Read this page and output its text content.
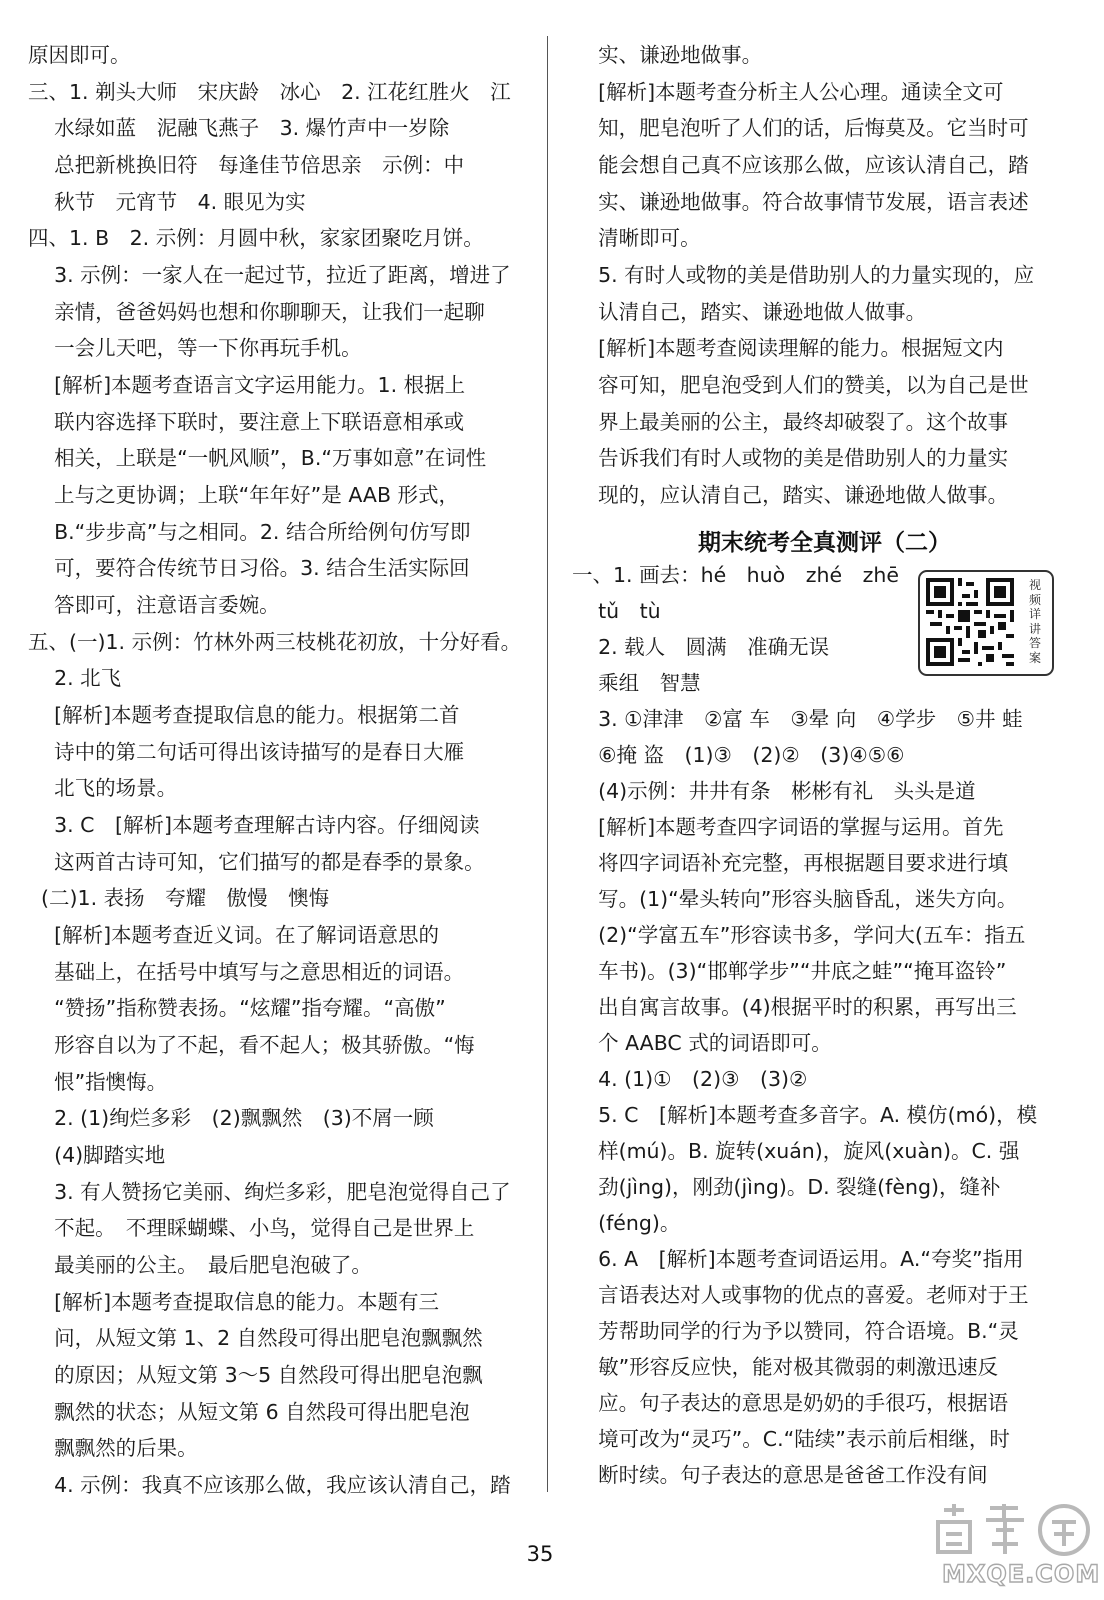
原因即可。
三、1. 剃头大师　宋庆龄　冰心　2. 江花红胜火　江
水绿如蓝　泥融飞燕子　3. 爆竹声中一岁除
总把新桃换旧符　每逢佳节倍思亲　示例：中
秋节　元宵节　4. 眼见为实
四、1. B　2. 示例：月圆中秋，家家团聚吃月饼。
3. 示例：一家人在一起过节，拉近了距离，增进了
亲情，爸爸妈妈也想和你聊聊天，让我们一起聊
一会儿天吧，等一下你再玩手机。
[解析]本题考查语言文字运用能力。1. 根据上
联内容选择下联时，要注意上下联语意相承或
相关，上联是“一帆风顺”，B.“万事如意”在词性
上与之更协调；上联“年年好”是 AAB 形式，
B.“步步高”与之相同。2. 结合所给例句仿写即
可，要符合传统节日习俗。3. 结合生活实际回
答即可，注意语言委婉。
五、(一)1. 示例：竹林外两三枝桃花初放，十分好看。
2. 北飞
[解析]本题考查提取信息的能力。根据第二首
诗中的第二句话可得出该诗描写的是春日大雁
北飞的场景。
3. C　[解析]本题考查理解古诗内容。仔细阅读
这两首古诗可知，它们描写的都是春季的景象。
(二)1. 表扬　夸耀　傲慢　懊悔
[解析]本题考查近义词。在了解词语意思的
基础上，在括号中填写与之意思相近的词语。
“赞扬”指称赞表扬。“炫耀”指夸耀。“高傲”
形容自以为了不起，看不起人；极其骄傲。“悔
恨”指懊悔。
2. (1)绚烂多彩　(2)飘飘然　(3)不屑一顾
(4)脚踏实地
3. 有人赞扬它美丽、绚烂多彩，肥皂泡觉得自己了
不起。　不理睬蝴蝶、小鸟，觉得自己是世界上
最美丽的公主。　最后肥皂泡破了。
[解析]本题考查提取信息的能力。本题有三
问，从短文第 1、2 自然段可得出肥皂泡飘飘然
的原因；从短文第 3～5 自然段可得出肥皂泡飘
飘然的状态；从短文第 6 自然段可得出肥皂泡
飘飘然的后果。
4. 示例：我真不应该那么做，我应该认清自己，踏
实、谦逊地做事。
[解析]本题考查分析主人公心理。通读全文可
知，肥皂泡听了人们的话，后悔莫及。它当时可
能会想自己真不应该那么做，应该认清自己，踏
实、谦逊地做事。符合故事情节发展，语言表述
清晰即可。
5. 有时人或物的美是借助别人的力量实现的，应
认清自己，踏实、谦逊地做人做事。
[解析]本题考查阅读理解的能力。根据短文内
容可知，肥皂泡受到人们的赞美，以为自己是世
界上最美丽的公主，最终却破裂了。这个故事
告诉我们有时人或物的美是借助别人的力量实
现的，应认清自己，踏实、谦逊地做人做事。
期末统考全真测评（二）
一、1. 画去：hé　huò　zhé　zhē
tǔ　tù
2. 载人　圆满　准确无误
乘组　智慧
3. ①津津　②富 车　③晕 向　④学步　⑤井 蛙
⑥掩 盗　(1)③　(2)②　(3)④⑤⑥
(4)示例：井井有条　彬彬有礼　头头是道
[解析]本题考查四字词语的掌握与运用。首先
将四字词语补充完整，再根据题目要求进行填
写。(1)“晕头转向”形容头脑昏乱，迷失方向。
(2)“学富五车”形容读书多，学问大(五车：指五
车书)。(3)“邯郸学步”“井底之蛙”“掩耳盗铃”
出自寓言故事。(4)根据平时的积累，再写出三
个 AABC 式的词语即可。
4. (1)①　(2)③　(3)②
5. C　[解析]本题考查多音字。A. 模仿(mó)，模
样(mú)。B. 旋转(xuán)，旋风(xuàn)。C. 强
劲(jìng)，刚劲(jìng)。D. 裂缝(fèng)，缝补
(féng)。
6. A　[解析]本题考查词语运用。A.“夸奖”指用
言语表达对人或事物的优点的喜爱。老师对于王
芳帮助同学的行为予以赞同，符合语境。B.“灵
敏”形容反应快，能对极其微弱的刺激迅速反
应。句子表达的意思是奶奶的手很巧，根据语
境可改为“灵巧”。C.“陆续”表示前后相继，时
断时续。句子表达的意思是爸爸工作没有间
视频详讲答案
35
MXQE.COM
